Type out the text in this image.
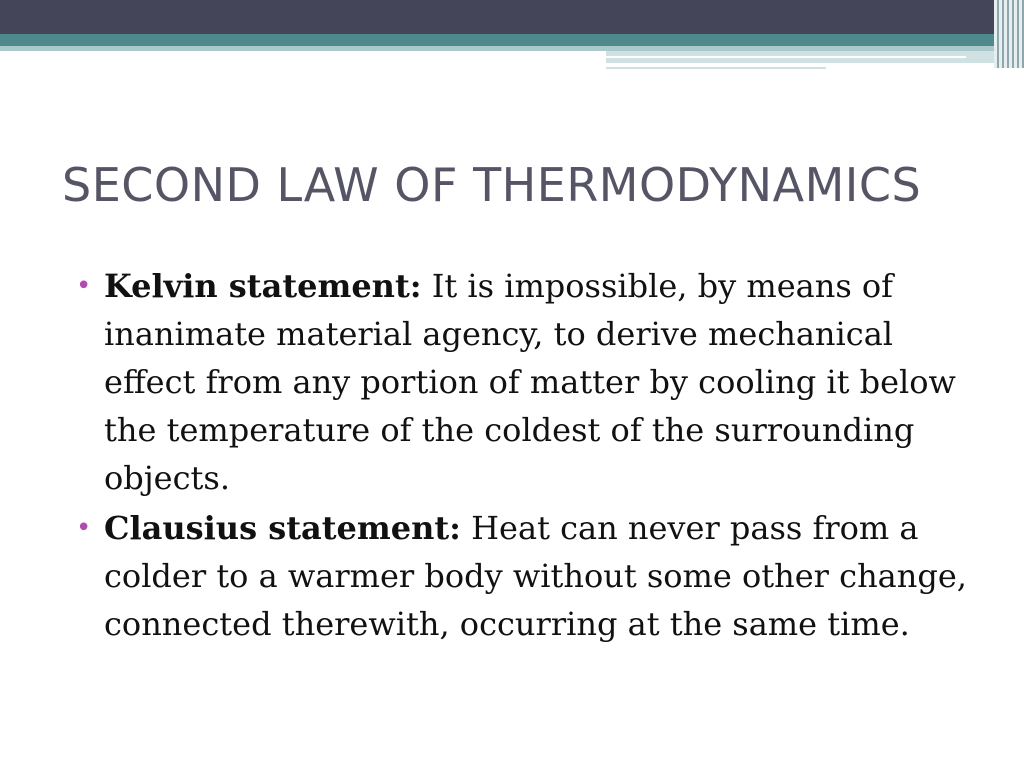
SECOND LAW OF THERMODYNAMICS
• Kelvin statement: It is impossible, by means of inanimate material agency, to derive mechanical effect from any portion of matter by cooling it below the temperature of the coldest of the surrounding objects.
• Clausius statement: Heat can never pass from a colder to a warmer body without some other change, connected therewith, occurring at the same time.
